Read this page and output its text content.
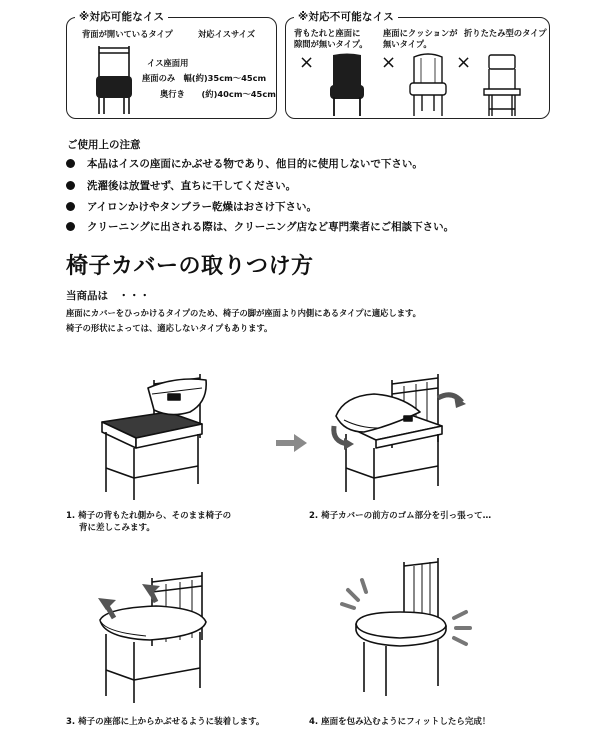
※対応可能なイス
背面が開いているタイプ	対応イスサイズ
イス座面用
座面のみ　幅(約)35cm～45cm
奥行き　　(約)40cm～45cm
※対応不可能なイス
背もたれと座面に
隙間が無いタイプ。
座面にクッションが
無いタイプ。
折りたたみ型のタイプ
×	×	×
ご使用上の注意
本品はイスの座面にかぶせる物であり、他目的に使用しないで下さい。
洗濯後は放置せず、直ちに干してください。
アイロンかけやタンブラー乾燥はおさけ下さい。
クリーニングに出される際は、クリーニング店など専門業者にご相談下さい。
椅子カバーの取りつけ方
当商品は　・・・
座面にカバーをひっかけるタイプのため、椅子の脚が座面より内側にあるタイプに適応します。
椅子の形状によっては、適応しないタイプもあります。
1. 椅子の背もたれ側から、そのまま椅子の
背に差しこみます。
2. 椅子カバーの前方のゴム部分を引っ張って…
3. 椅子の座部に上からかぶせるように装着します。	4. 座面を包み込むようにフィットしたら完成！
